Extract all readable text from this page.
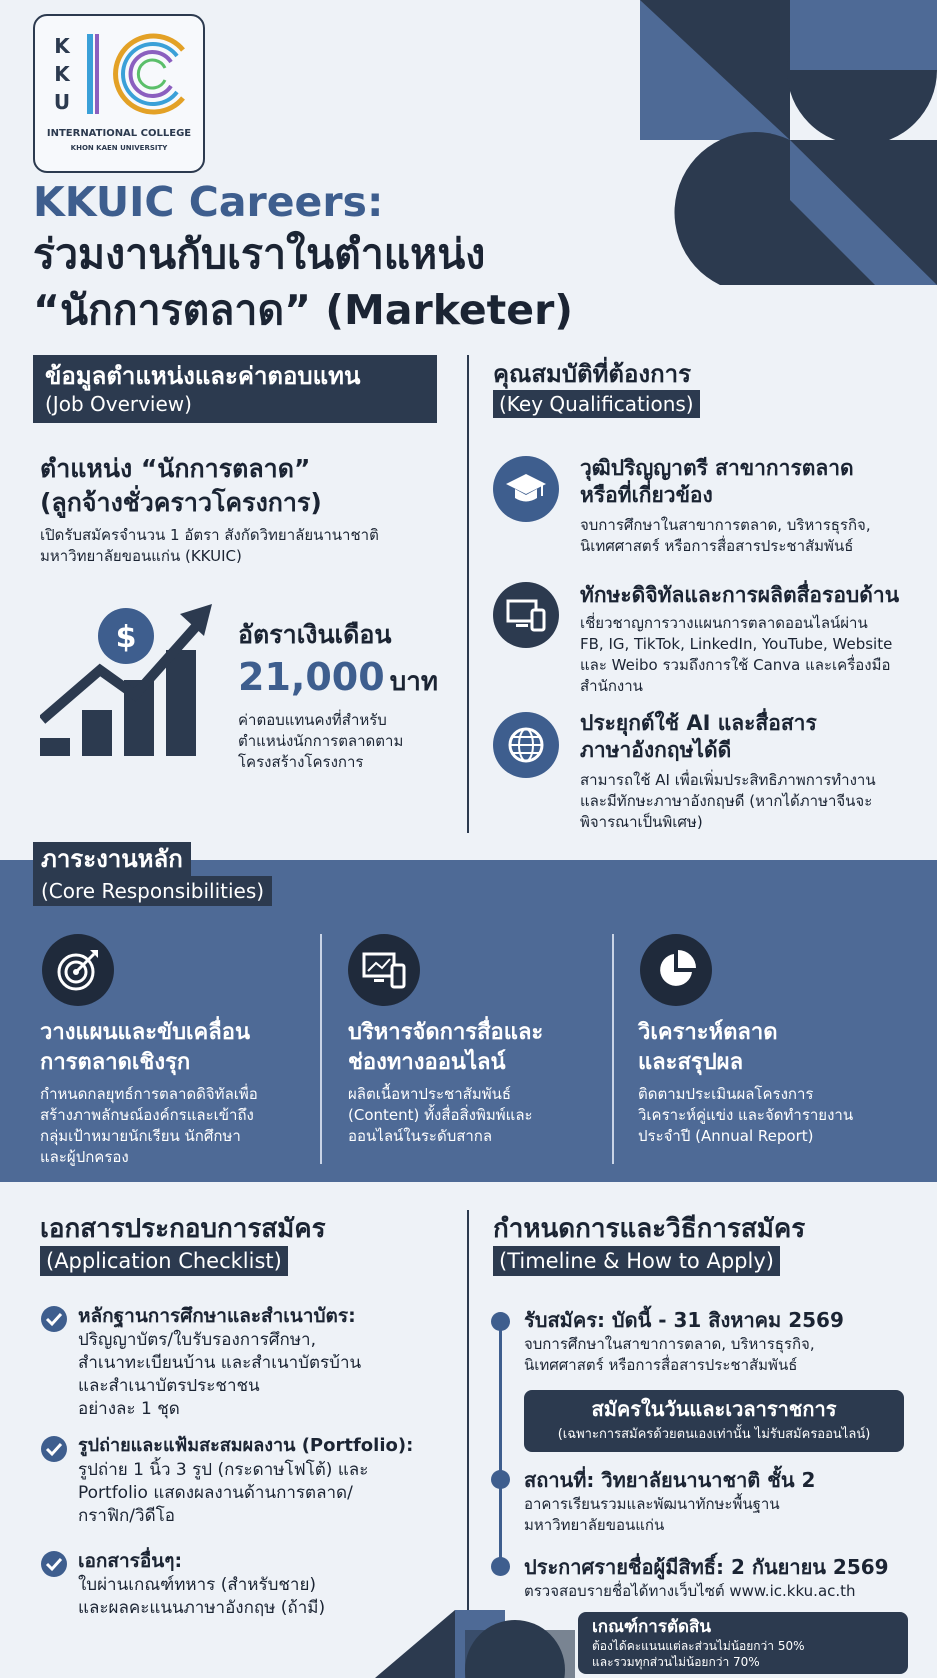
K
K
U
INTERNATIONAL COLLEGE
KHON KAEN UNIVERSITY
KKUIC Careers:
ร่วมงานกับเราในตำแหน่ง
“นักการตลาด” (Marketer)
ข้อมูลตำแหน่งและค่าตอบแทน
(Job Overview)
ตำแหน่ง “นักการตลาด”
(ลูกจ้างชั่วคราวโครงการ)
เปิดรับสมัครจำนวน 1 อัตรา สังกัดวิทยาลัยนานาชาติ
มหาวิทยาลัยขอนแก่น (KKUIC)
$	อัตราเงินเดือน
21,000 บาท
ค่าตอบแทนคงที่สำหรับ
ตำแหน่งนักการตลาดตาม
โครงสร้างโครงการ
คุณสมบัติที่ต้องการ
(Key Qualifications)
วุฒิปริญญาตรี สาขาการตลาด
หรือที่เกี่ยวข้อง
จบการศึกษาในสาขาการตลาด, บริหารธุรกิจ,
นิเทศศาสตร์ หรือการสื่อสารประชาสัมพันธ์
ทักษะดิจิทัลและการผลิตสื่อรอบด้าน
เชี่ยวชาญการวางแผนการตลาดออนไลน์ผ่าน
FB, IG, TikTok, LinkedIn, YouTube, Website
และ Weibo รวมถึงการใช้ Canva และเครื่องมือ
สำนักงาน
ประยุกต์ใช้ AI และสื่อสาร
ภาษาอังกฤษได้ดี
สามารถใช้ AI เพื่อเพิ่มประสิทธิภาพการทำงาน
และมีทักษะภาษาอังกฤษดี (หากได้ภาษาจีนจะ
พิจารณาเป็นพิเศษ)
ภาระงานหลัก
(Core Responsibilities)
วางแผนและขับเคลื่อน
การตลาดเชิงรุก
กำหนดกลยุทธ์การตลาดดิจิทัลเพื่อ
สร้างภาพลักษณ์องค์กรและเข้าถึง
กลุ่มเป้าหมายนักเรียน นักศึกษา
และผู้ปกครอง
บริหารจัดการสื่อและ
ช่องทางออนไลน์
ผลิตเนื้อหาประชาสัมพันธ์
(Content) ทั้งสื่อสิ่งพิมพ์และ
ออนไลน์ในระดับสากล
วิเคราะห์ตลาด
และสรุปผล
ติดตามประเมินผลโครงการ
วิเคราะห์คู่แข่ง และจัดทำรายงาน
ประจำปี (Annual Report)
เอกสารประกอบการสมัคร
(Application Checklist)
หลักฐานการศึกษาและสำเนาบัตร:
ปริญญาบัตร/ใบรับรองการศึกษา,
สำเนาทะเบียนบ้าน และสำเนาบัตรบ้าน
และสำเนาบัตรประชาชน
อย่างละ 1 ชุด
รูปถ่ายและแฟ้มสะสมผลงาน (Portfolio):
รูปถ่าย 1 นิ้ว 3 รูป (กระดาษโฟโต้) และ
Portfolio แสดงผลงานด้านการตลาด/
กราฟิก/วิดีโอ
เอกสารอื่นๆ:
ใบผ่านเกณฑ์ทหาร (สำหรับชาย)
และผลคะแนนภาษาอังกฤษ (ถ้ามี)
กำหนดการและวิธีการสมัคร
(Timeline & How to Apply)
รับสมัคร: บัดนี้ - 31 สิงหาคม 2569
จบการศึกษาในสาขาการตลาด, บริหารธุรกิจ,
นิเทศศาสตร์ หรือการสื่อสารประชาสัมพันธ์
สมัครในวันและเวลาราชการ
(เฉพาะการสมัครด้วยตนเองเท่านั้น ไม่รับสมัครออนไลน์)
สถานที่: วิทยาลัยนานาชาติ ชั้น 2
อาคารเรียนรวมและพัฒนาทักษะพื้นฐาน
มหาวิทยาลัยขอนแก่น
ประกาศรายชื่อผู้มีสิทธิ์: 2 กันยายน 2569
ตรวจสอบรายชื่อได้ทางเว็บไซต์ www.ic.kku.ac.th
เกณฑ์การตัดสิน
ต้องได้คะแนนแต่ละส่วนไม่น้อยกว่า 50%
และรวมทุกส่วนไม่น้อยกว่า 70%
